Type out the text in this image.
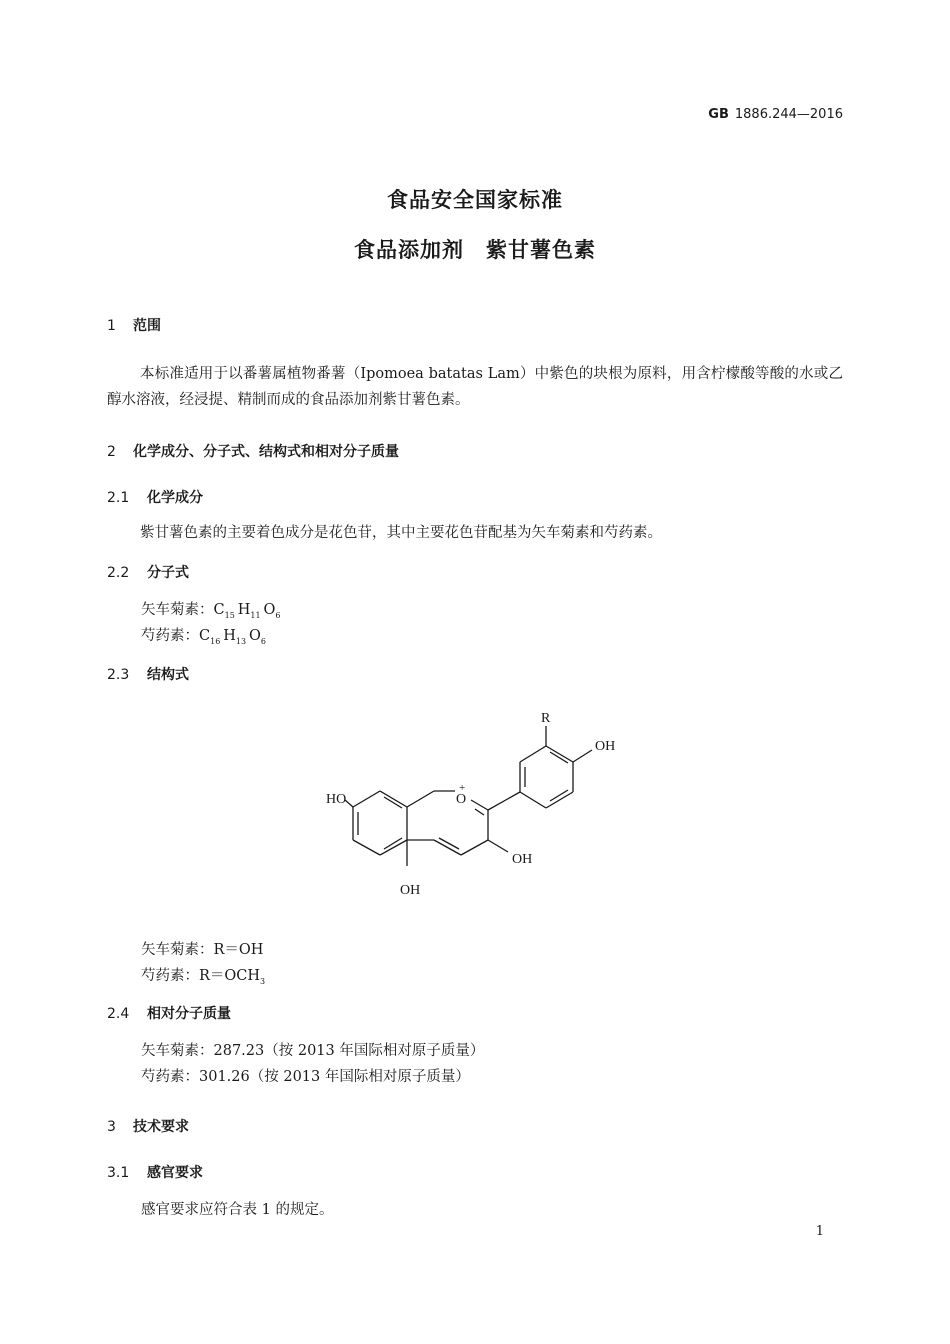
GB 1886.244—2016
食品安全国家标准
食品添加剂　紫甘薯色素
1 范围
本标准适用于以番薯属植物番薯（Ipomoea batatas Lam）中紫色的块根为原料，用含柠檬酸等酸的水或乙醇水溶液，经浸提、精制而成的食品添加剂紫甘薯色素。
2 化学成分、分子式、结构式和相对分子质量
2.1 化学成分
紫甘薯色素的主要着色成分是花色苷，其中主要花色苷配基为矢车菊素和芍药素。
2.2 分子式
矢车菊素：$C_{15}$  $H_{11}$  $O_6$
芍药素：$C_{16}$  $H_{13}$  $O_6$
2.3 结构式
R
OH
HO
+
O
OH
OH
矢车菊素：R＝OH
芍药素：$R=OCH_3$
2.4 相对分子质量
矢车菊素：287.23（按 2013 年国际相对原子质量）
芍药素：301.26（按 2013 年国际相对原子质量）
3 技术要求
3.1 感官要求
感官要求应符合表 1 的规定。
1
